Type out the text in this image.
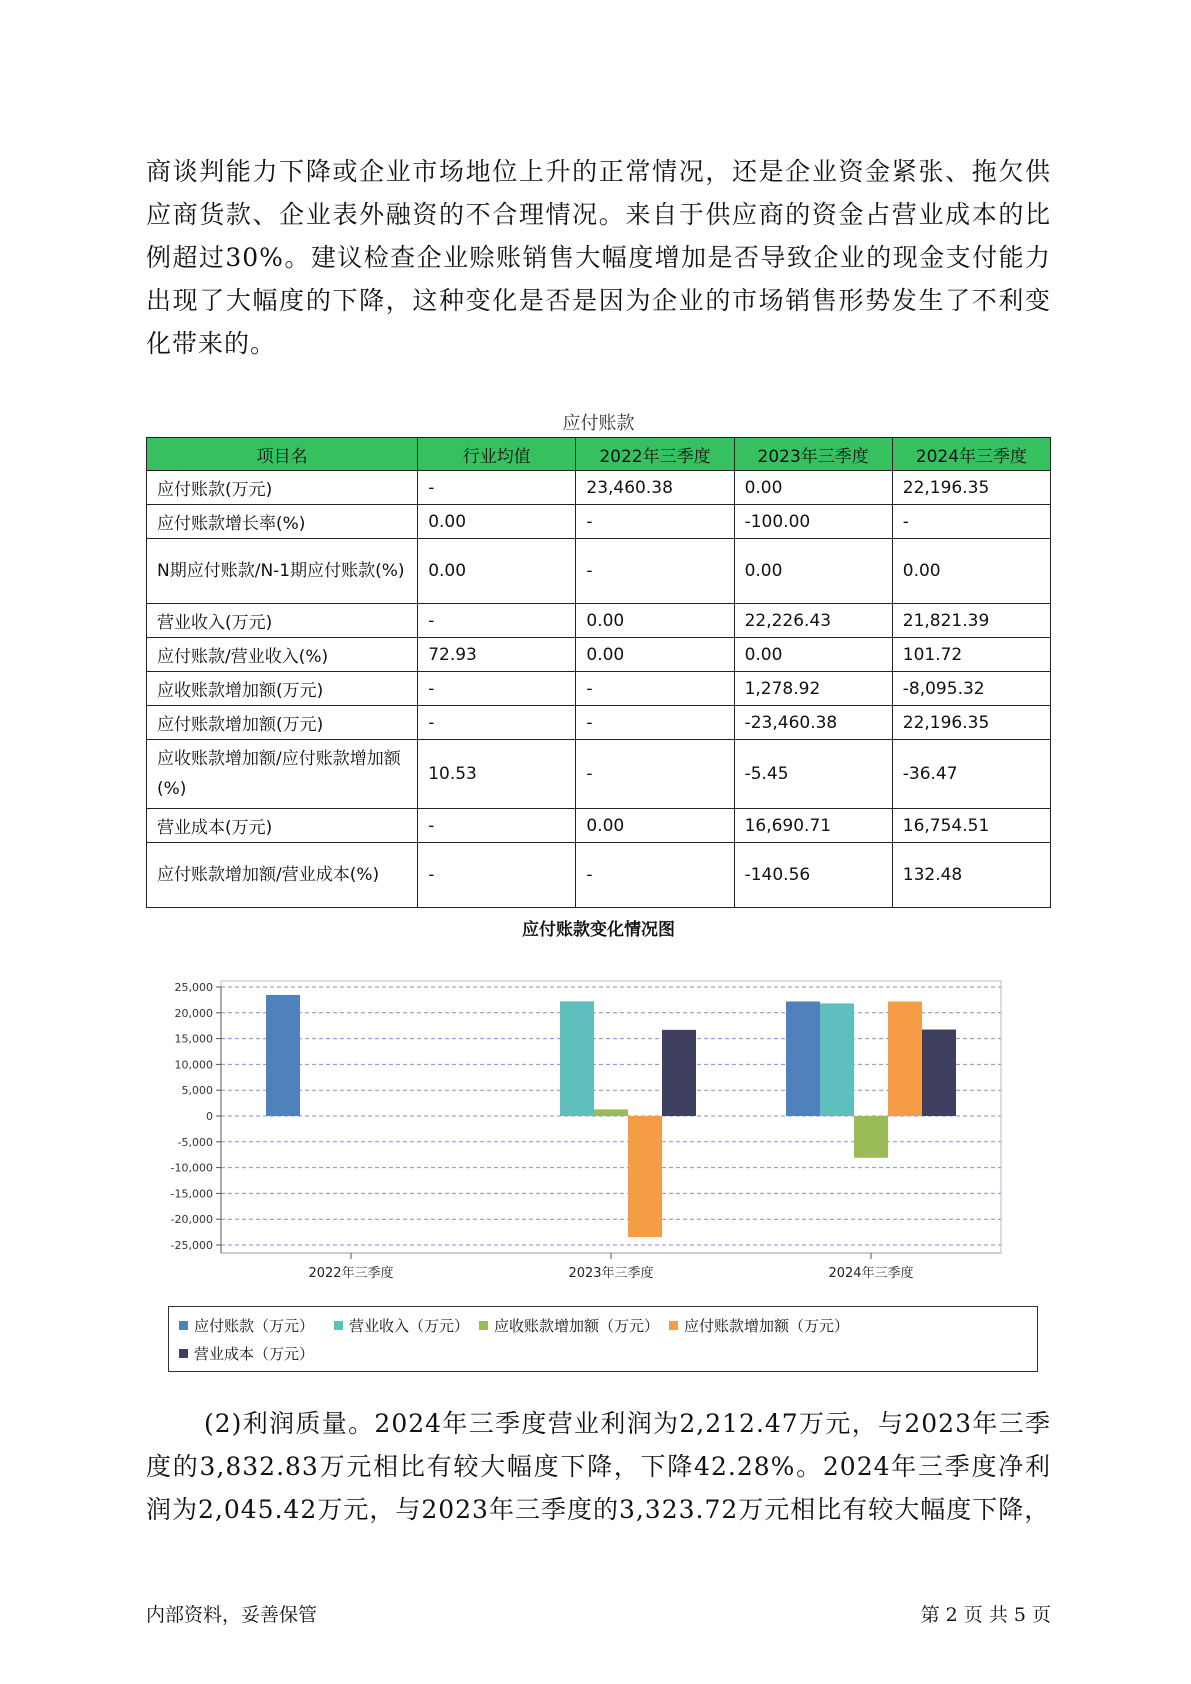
商谈判能力下降或企业市场地位上升的正常情况，还是企业资金紧张、拖欠供应商货款、企业表外融资的不合理情况。来自于供应商的资金占营业成本的比例超过30%。建议检查企业赊账销售大幅度增加是否导致企业的现金支付能力出现了大幅度的下降，这种变化是否是因为企业的市场销售形势发生了不利变化带来的。

应付账款
项目名	行业均值	2022年三季度	2023年三季度	2024年三季度
应付账款(万元)	-	23,460.38	0.00	22,196.35
应付账款增长率(%)	0.00	-	-100.00	-
N期应付账款/N-1期应付账款(%)	0.00	-	0.00	0.00
营业收入(万元)	-	0.00	22,226.43	21,821.39
应付账款/营业收入(%)	72.93	0.00	0.00	101.72
应收账款增加额(万元)	-	-	1,278.92	-8,095.32
应付账款增加额(万元)	-	-	-23,460.38	22,196.35
应收账款增加额/应付账款增加额(%)	10.53	-	-5.45	-36.47
营业成本(万元)	-	0.00	16,690.71	16,754.51
应付账款增加额/营业成本(%)	-	-	-140.56	132.48
应付账款变化情况图
25,000
20,000
15,000
10,000
5,000
0
-5,000
-10,000
-15,000
-20,000
-25,000
2022年三季度	2023年三季度	2024年三季度
应付账款（万元） 营业收入（万元） 应收账款增加额（万元） 应付账款增加额（万元）
营业成本（万元）

(2)利润质量。2024年三季度营业利润为2,212.47万元，与2023年三季度的3,832.83万元相比有较大幅度下降，下降42.28%。2024年三季度净利润为2,045.42万元，与2023年三季度的3,323.72万元相比有较大幅度下降，

内部资料，妥善保管	第 2 页 共 5 页
